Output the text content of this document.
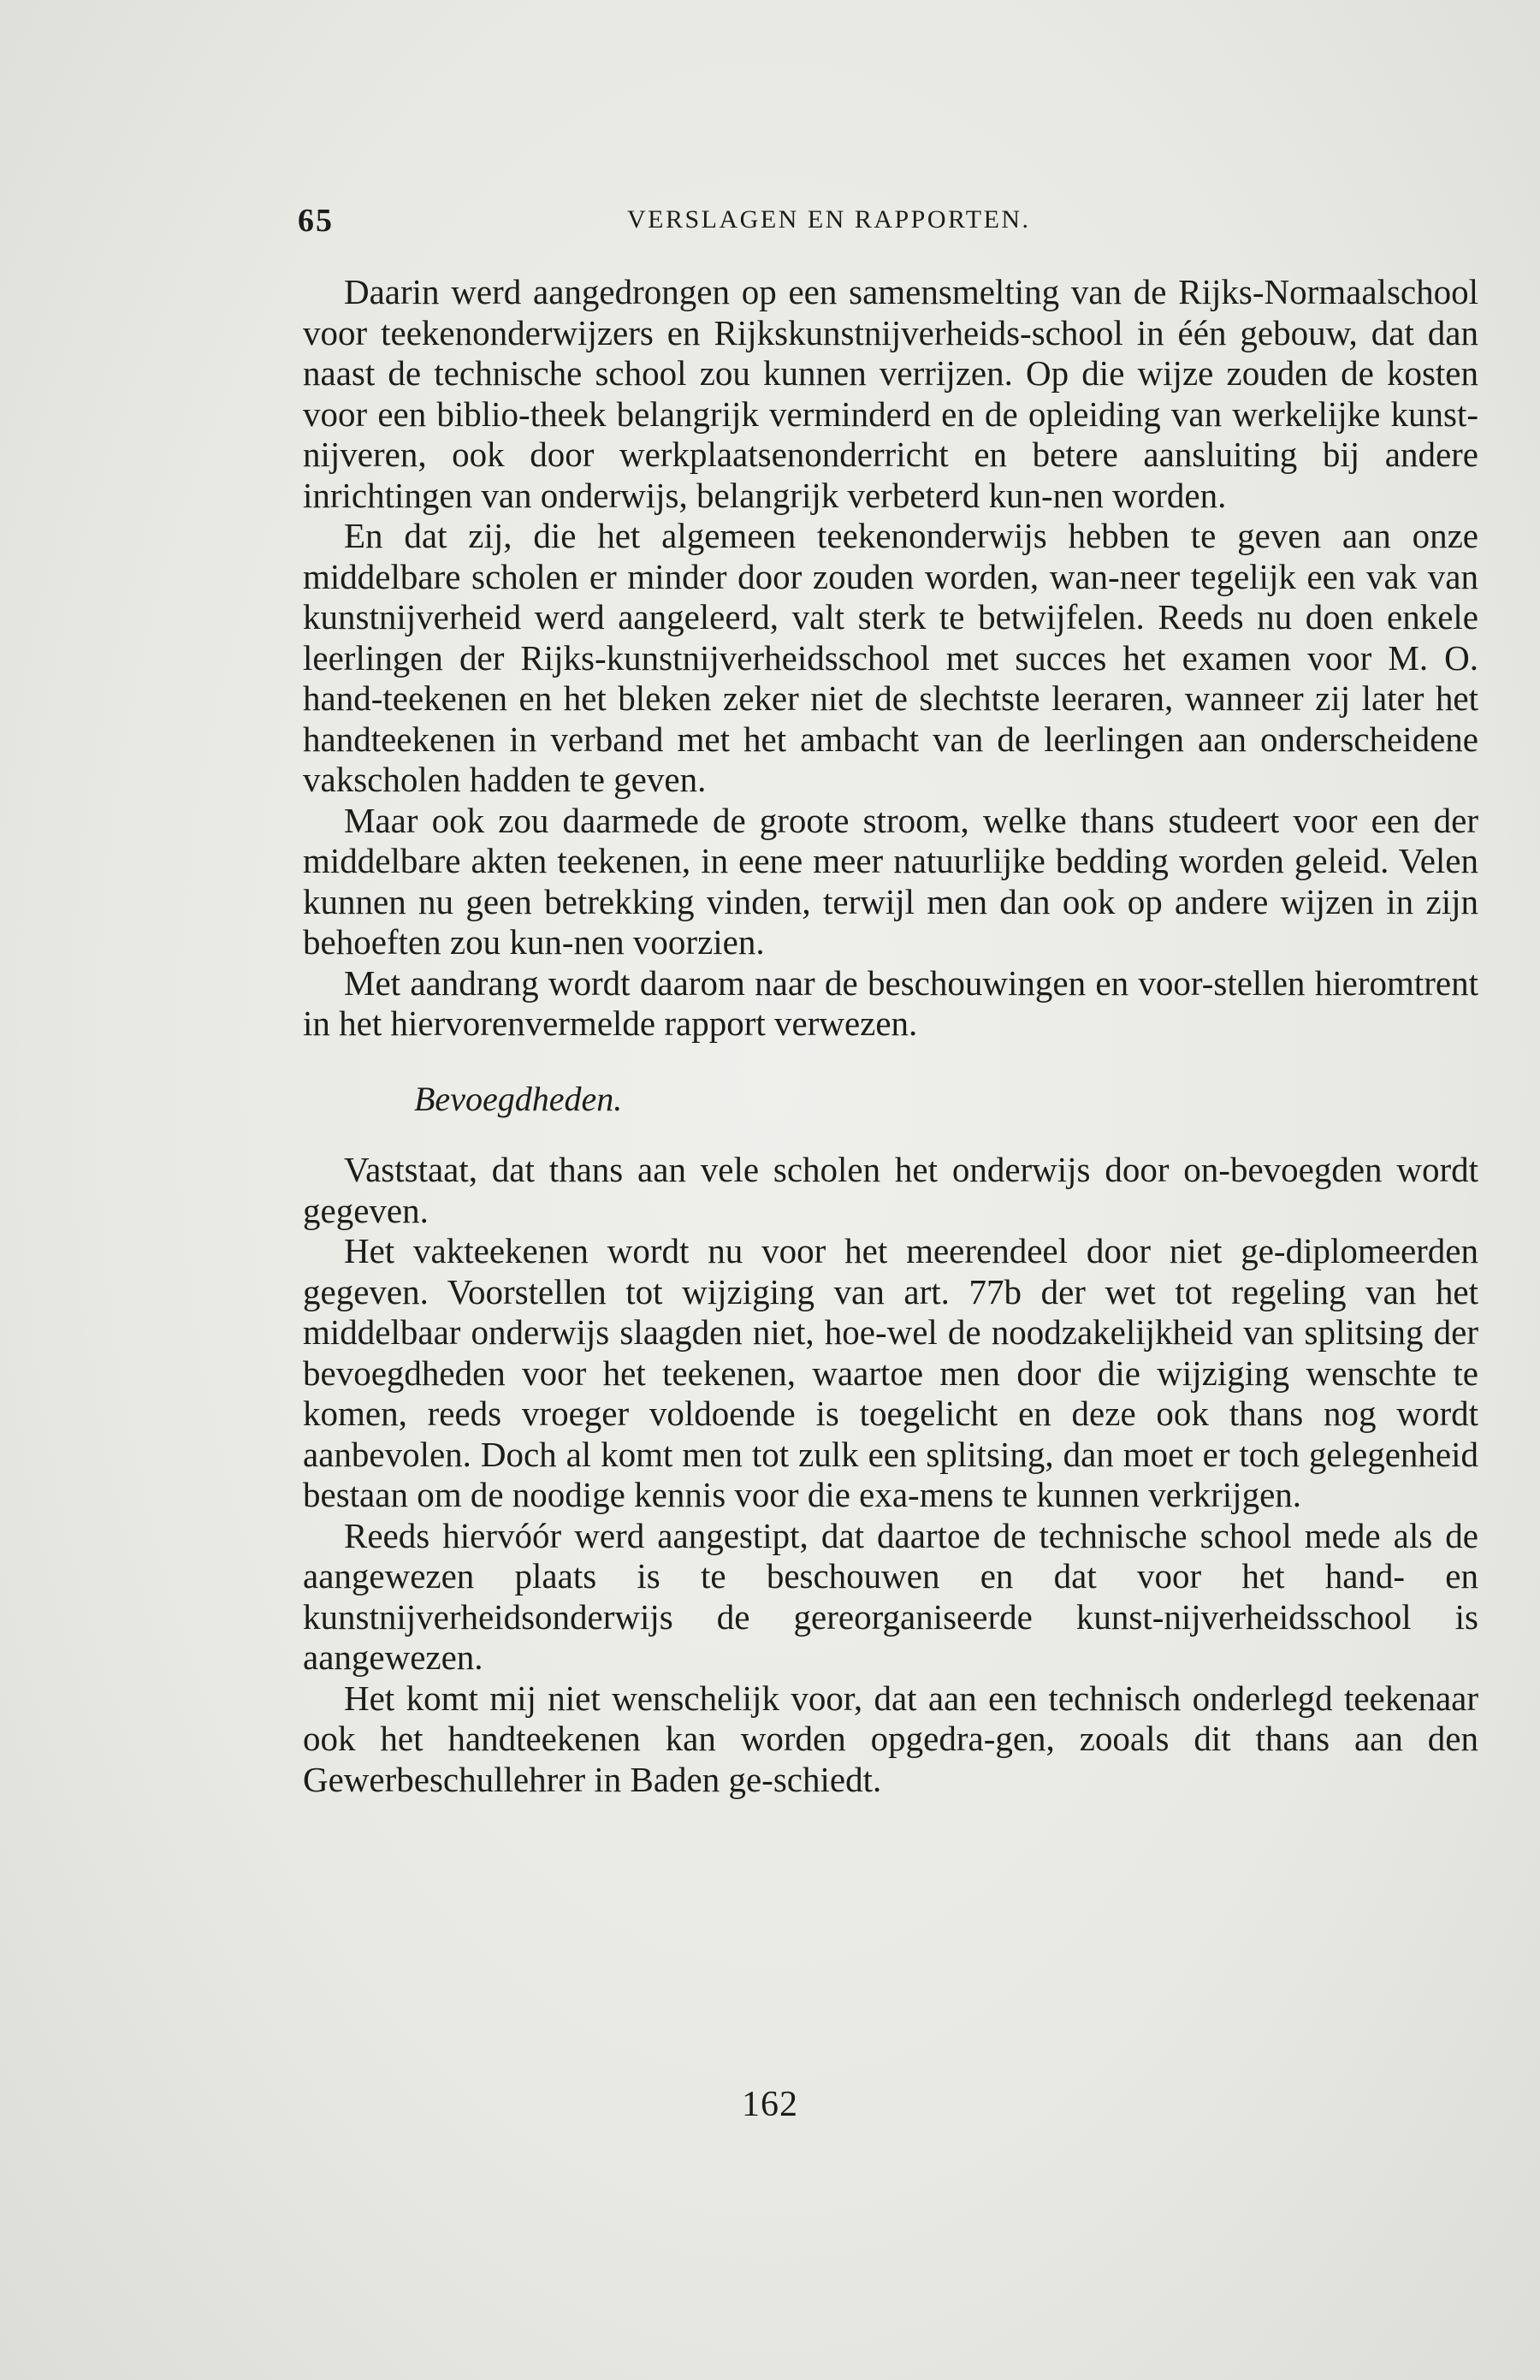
65	VERSLAGEN EN RAPPORTEN.

Daarin werd aangedrongen op een samensmelting van de Rijks-Normaalschool voor teekenonderwijzers en Rijkskunstnijverheids-school in één gebouw, dat dan naast de technische school zou kunnen verrijzen. Op die wijze zouden de kosten voor een biblio-theek belangrijk verminderd en de opleiding van werkelijke kunst-nijveren, ook door werkplaatsenonderricht en betere aansluiting bij andere inrichtingen van onderwijs, belangrijk verbeterd kun-nen worden.

En dat zij, die het algemeen teekenonderwijs hebben te geven aan onze middelbare scholen er minder door zouden worden, wan-neer tegelijk een vak van kunstnijverheid werd aangeleerd, valt sterk te betwijfelen. Reeds nu doen enkele leerlingen der Rijks-kunstnijverheidsschool met succes het examen voor M. O. hand-teekenen en het bleken zeker niet de slechtste leeraren, wanneer zij later het handteekenen in verband met het ambacht van de leerlingen aan onderscheidene vakscholen hadden te geven.

Maar ook zou daarmede de groote stroom, welke thans studeert voor een der middelbare akten teekenen, in eene meer natuurlijke bedding worden geleid. Velen kunnen nu geen betrekking vinden, terwijl men dan ook op andere wijzen in zijn behoeften zou kun-nen voorzien.

Met aandrang wordt daarom naar de beschouwingen en voor-stellen hieromtrent in het hiervorenvermelde rapport verwezen.

Bevoegdheden.

Vaststaat, dat thans aan vele scholen het onderwijs door on-bevoegden wordt gegeven.

Het vakteekenen wordt nu voor het meerendeel door niet ge-diplomeerden gegeven. Voorstellen tot wijziging van art. 77b der wet tot regeling van het middelbaar onderwijs slaagden niet, hoe-wel de noodzakelijkheid van splitsing der bevoegdheden voor het teekenen, waartoe men door die wijziging wenschte te komen, reeds vroeger voldoende is toegelicht en deze ook thans nog wordt aanbevolen. Doch al komt men tot zulk een splitsing, dan moet er toch gelegenheid bestaan om de noodige kennis voor die exa-mens te kunnen verkrijgen.

Reeds hiervóór werd aangestipt, dat daartoe de technische school mede als de aangewezen plaats is te beschouwen en dat voor het hand- en kunstnijverheidsonderwijs de gereorganiseerde kunst-nijverheidsschool is aangewezen.

Het komt mij niet wenschelijk voor, dat aan een technisch onderlegd teekenaar ook het handteekenen kan worden opgedra-gen, zooals dit thans aan den Gewerbeschullehrer in Baden ge-schiedt.

162
